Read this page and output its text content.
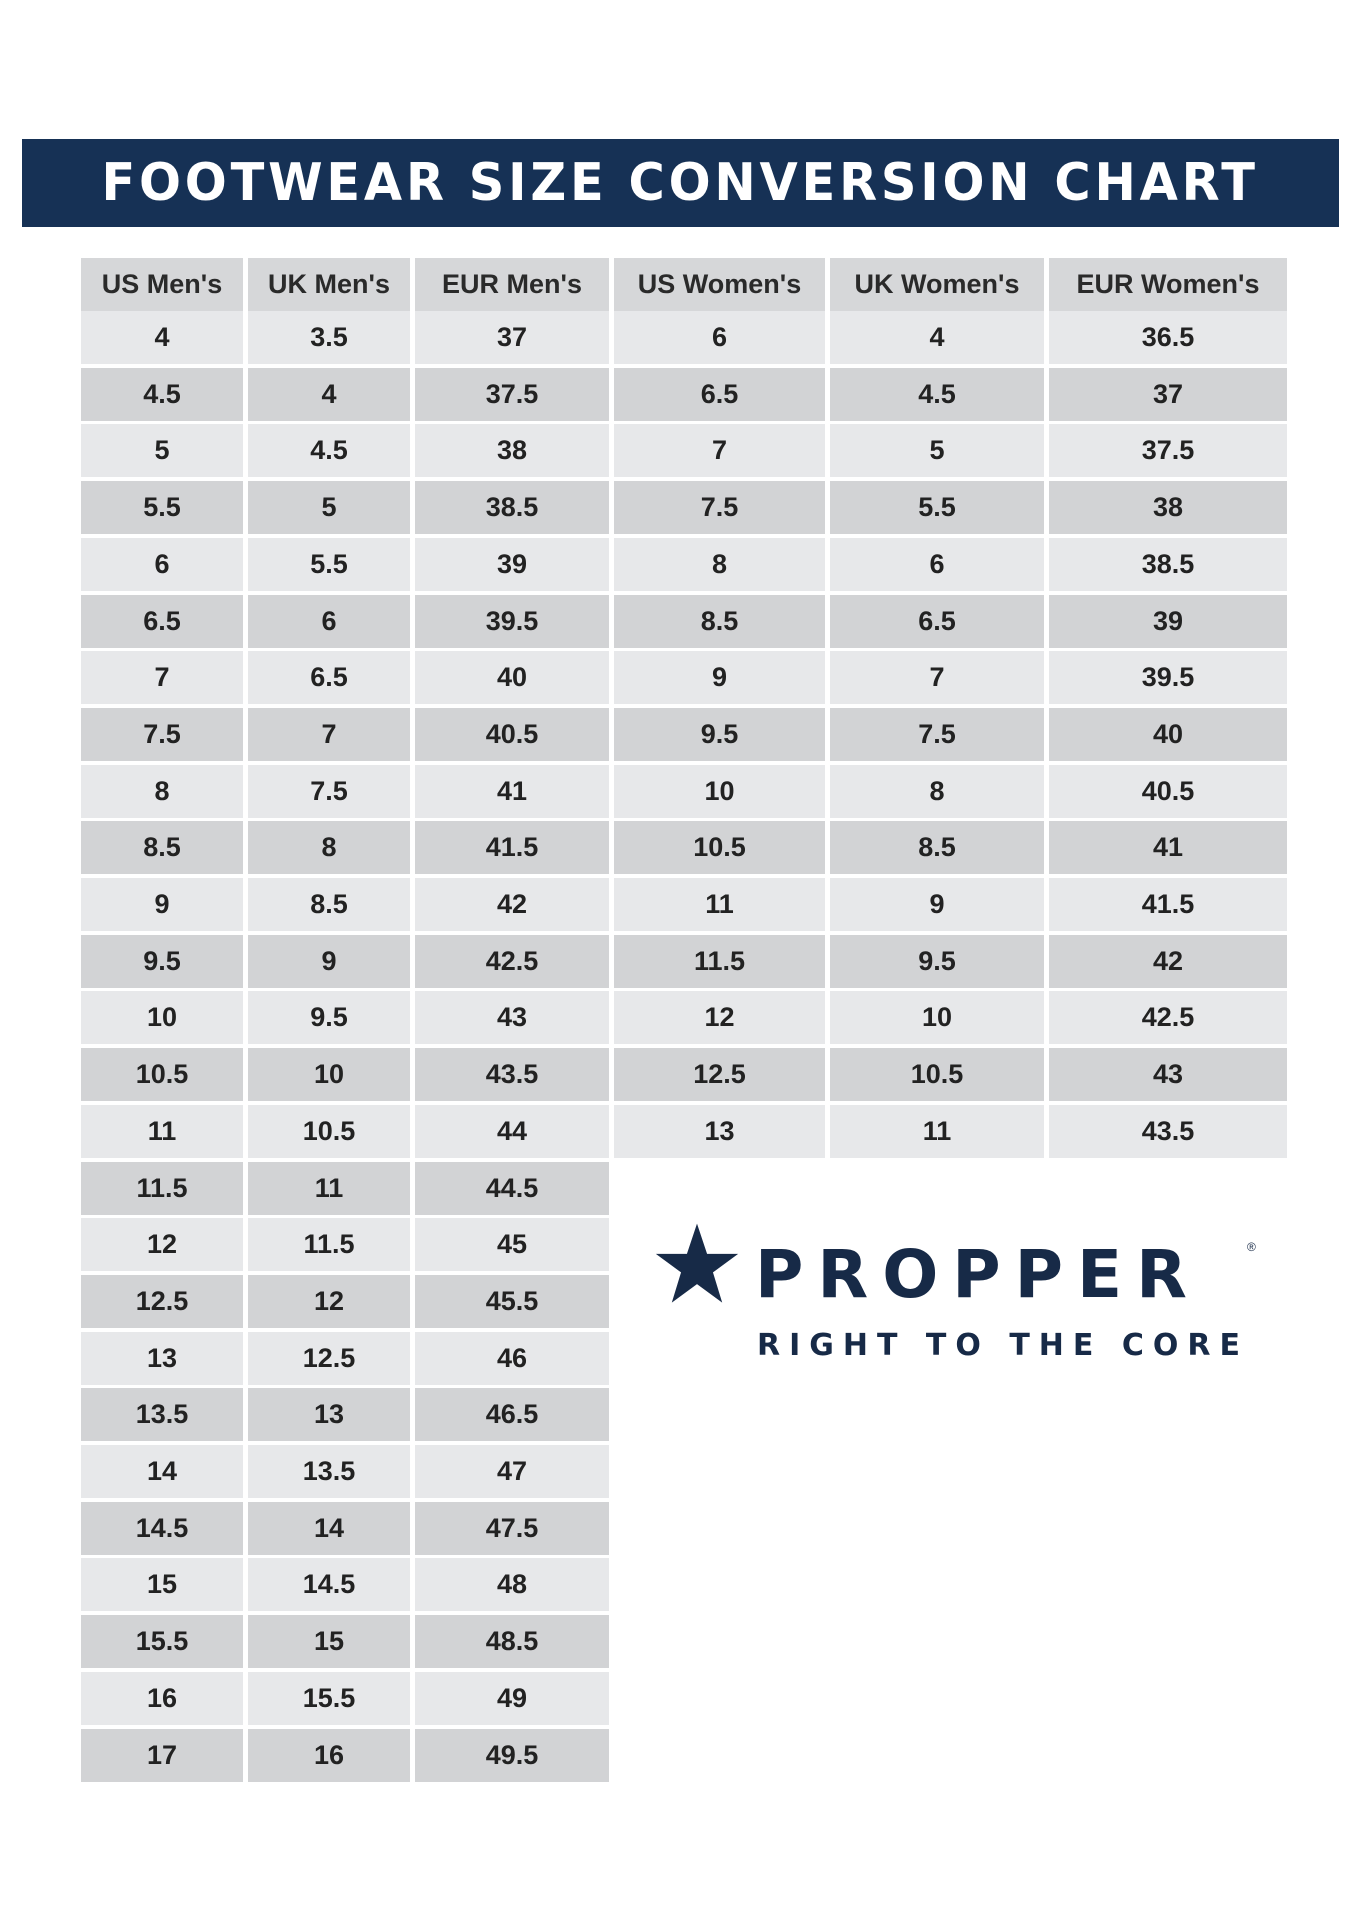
FOOTWEAR SIZE CONVERSION CHART
US Men's	UK Men's	EUR Men's	US Women's	UK Women's	EUR Women's
4	3.5	37	6	4	36.5
4.5	4	37.5	6.5	4.5	37
5	4.5	38	7	5	37.5
5.5	5	38.5	7.5	5.5	38
6	5.5	39	8	6	38.5
6.5	6	39.5	8.5	6.5	39
7	6.5	40	9	7	39.5
7.5	7	40.5	9.5	7.5	40
8	7.5	41	10	8	40.5
8.5	8	41.5	10.5	8.5	41
9	8.5	42	11	9	41.5
9.5	9	42.5	11.5	9.5	42
10	9.5	43	12	10	42.5
10.5	10	43.5	12.5	10.5	43
11	10.5	44	13	11	43.5
11.5	11	44.5
12	11.5	45
12.5	12	45.5
13	12.5	46
13.5	13	46.5
14	13.5	47
14.5	14	47.5
15	14.5	48
15.5	15	48.5
16	15.5	49
17	16	49.5
PROPPER	®
RIGHT TO THE CORE
